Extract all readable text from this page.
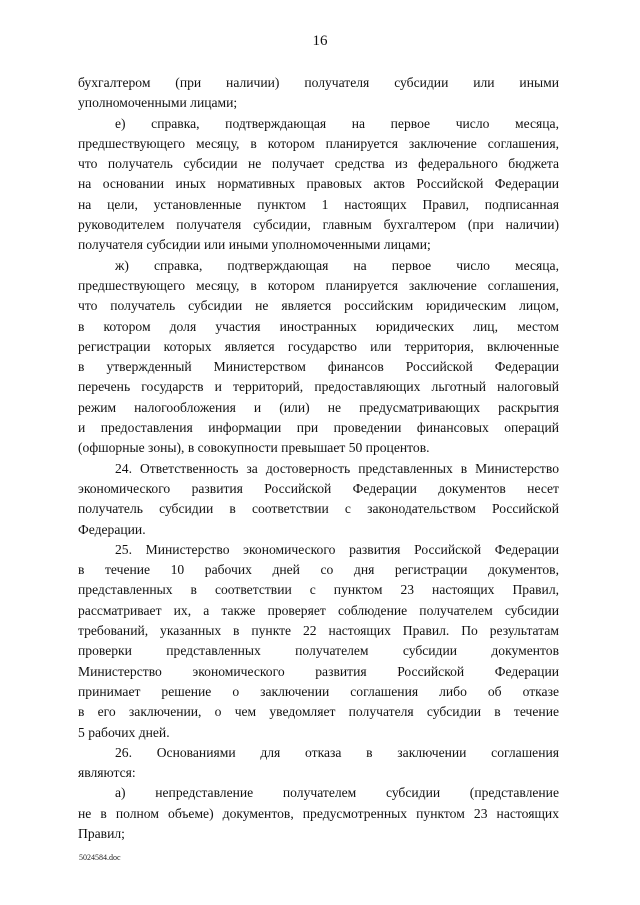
16
бухгалтером (при наличии) получателя субсидии или иными
уполномоченными лицами;
е) справка, подтверждающая на первое число месяца,
предшествующего месяцу, в котором планируется заключение соглашения,
что получатель субсидии не получает средства из федерального бюджета
на основании иных нормативных правовых актов Российской Федерации
на цели, установленные пунктом 1 настоящих Правил, подписанная
руководителем получателя субсидии, главным бухгалтером (при наличии)
получателя субсидии или иными уполномоченными лицами;
ж) справка, подтверждающая на первое число месяца,
предшествующего месяцу, в котором планируется заключение соглашения,
что получатель субсидии не является российским юридическим лицом,
в котором доля участия иностранных юридических лиц, местом
регистрации которых является государство или территория, включенные
в утвержденный Министерством финансов Российской Федерации
перечень государств и территорий, предоставляющих льготный налоговый
режим налогообложения и (или) не предусматривающих раскрытия
и предоставления информации при проведении финансовых операций
(офшорные зоны), в совокупности превышает 50 процентов.
24. Ответственность за достоверность представленных в Министерство
экономического развития Российской Федерации документов несет
получатель субсидии в соответствии с законодательством Российской
Федерации.
25. Министерство экономического развития Российской Федерации
в течение 10 рабочих дней со дня регистрации документов,
представленных в соответствии с пунктом 23 настоящих Правил,
рассматривает их, а также проверяет соблюдение получателем субсидии
требований, указанных в пункте 22 настоящих Правил. По результатам
проверки представленных получателем субсидии документов
Министерство экономического развития Российской Федерации
принимает решение о заключении соглашения либо об отказе
в его заключении, о чем уведомляет получателя субсидии в течение
5 рабочих дней.
26. Основаниями для отказа в заключении соглашения
являются:
а) непредставление получателем субсидии (представление
не в полном объеме) документов, предусмотренных пунктом 23 настоящих
Правил;
5024584.doc
